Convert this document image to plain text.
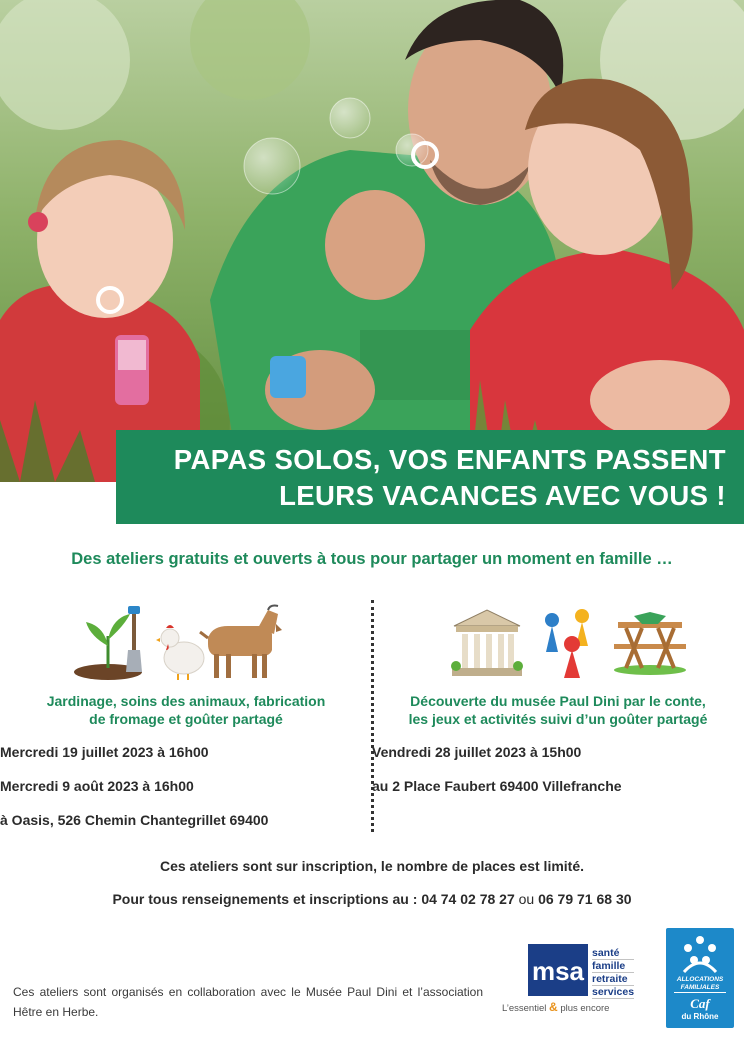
PAPAS SOLOS, VOS ENFANTS PASSENT
LEURS VACANCES AVEC VOUS !
Des ateliers gratuits et ouverts à tous pour partager un moment en famille …
Jardinage, soins des animaux, fabrication
de fromage et goûter partagé
Mercredi 19 juillet 2023 à 16h00
Mercredi 9 août 2023 à 16h00
à Oasis, 526 Chemin Chantegrillet 69400
Découverte du musée Paul Dini par le conte,
les jeux et activités suivi d’un goûter partagé
Vendredi 28 juillet 2023 à 15h00
au 2 Place Faubert 69400 Villefranche
Ces ateliers sont sur inscription, le nombre de places est limité.
Pour tous renseignements et inscriptions au : 04 74 02 78 27 ou 06 79 71 68 30
Ces ateliers sont organisés en collaboration avec le Musée Paul Dini et l’association Hêtre en Herbe.
msa
santé
famille
retraite
services
L’essentiel & plus encore
ALLOCATIONS
FAMILIALES
Caf
du Rhône
